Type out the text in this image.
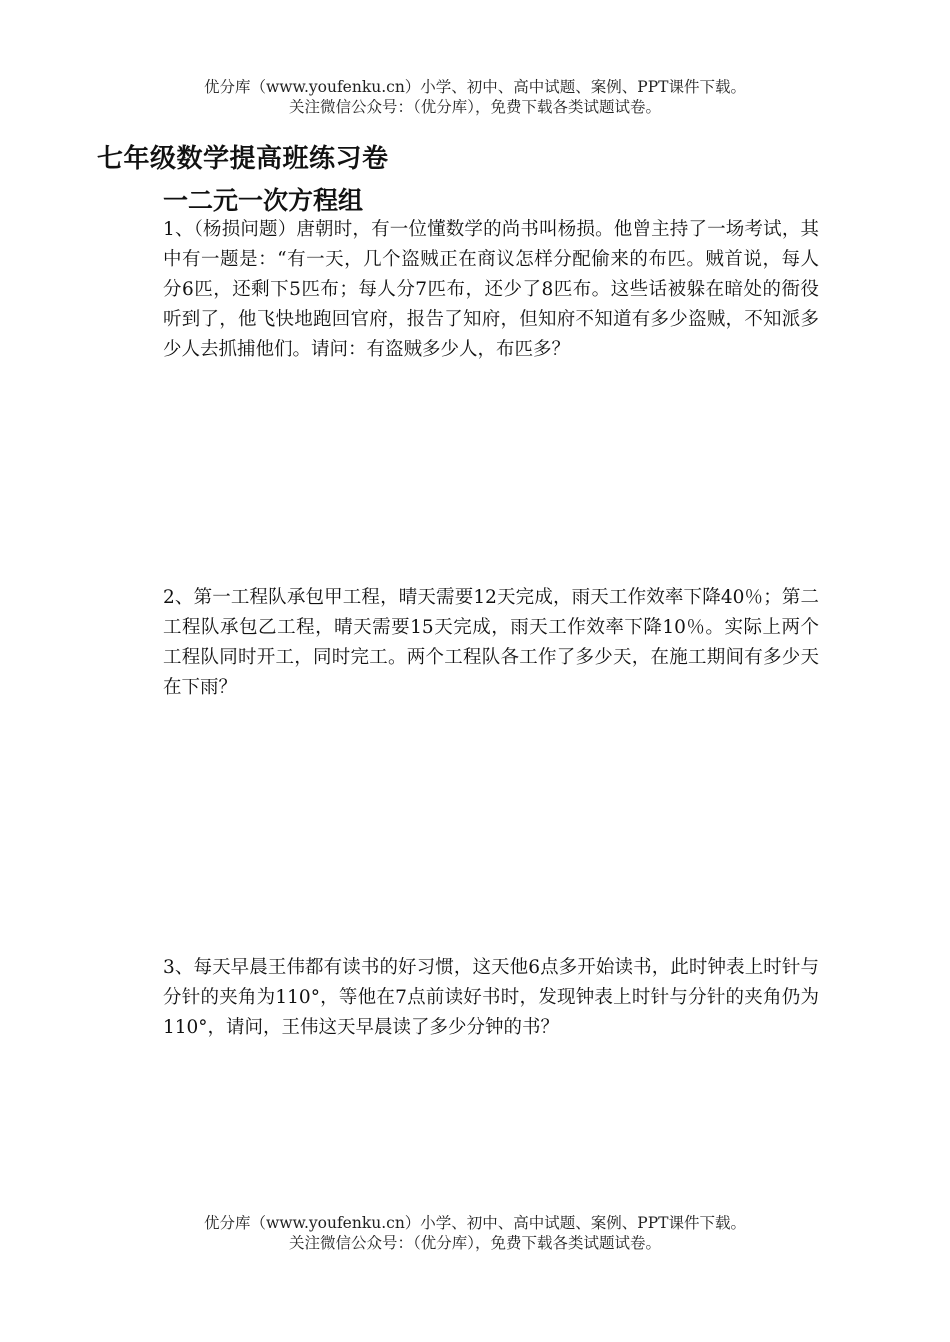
优分库（www.youfenku.cn）小学、初中、高中试题、案例、PPT课件下载。
关注微信公众号：（优分库），免费下载各类试题试卷。
七年级数学提高班练习卷
一二元一次方程组

1、（杨损问题）唐朝时，有一位懂数学的尚书叫杨损。他曾主持了一场考试，其中有一题是：“有一天，几个盗贼正在商议怎样分配偷来的布匹。贼首说，每人分6匹，还剩下5匹布；每人分7匹布，还少了8匹布。这些话被躲在暗处的衙役听到了，他飞快地跑回官府，报告了知府，但知府不知道有多少盗贼，不知派多少人去抓捕他们。请问：有盗贼多少人，布匹多？

2、第一工程队承包甲工程，晴天需要12天完成，雨天工作效率下降40％；第二工程队承包乙工程，晴天需要15天完成，雨天工作效率下降10％。实际上两个工程队同时开工，同时完工。两个工程队各工作了多少天，在施工期间有多少天在下雨？

3、每天早晨王伟都有读书的好习惯，这天他6点多开始读书，此时钟表上时针与分针的夹角为110°，等他在7点前读好书时，发现钟表上时针与分针的夹角仍为110°，请问，王伟这天早晨读了多少分钟的书？

优分库（www.youfenku.cn）小学、初中、高中试题、案例、PPT课件下载。
关注微信公众号：（优分库），免费下载各类试题试卷。
